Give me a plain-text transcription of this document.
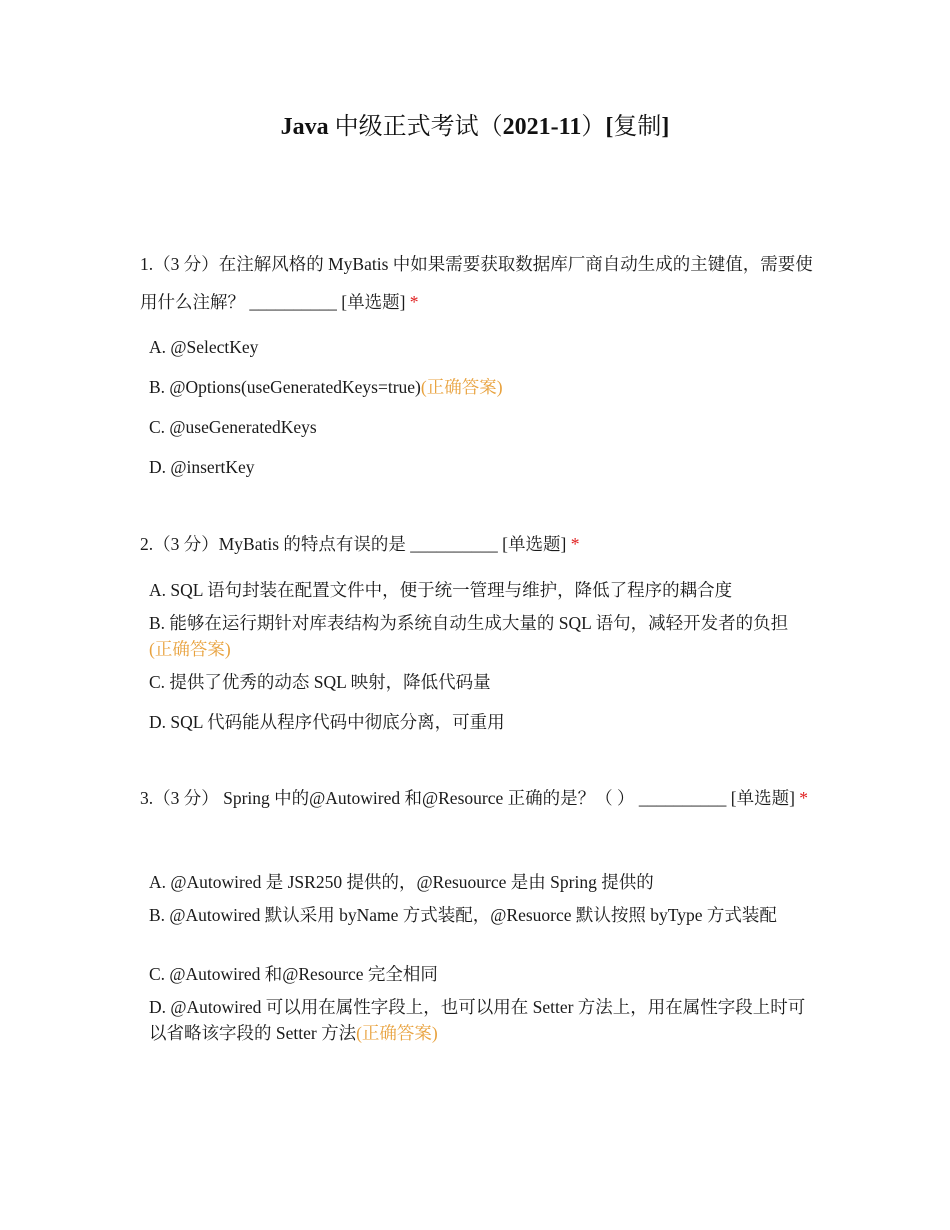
Java 中级正式考试（2021-11）[复制]

1.（3 分）在注解风格的 MyBatis 中如果需要获取数据库厂商自动生成的主键值，需要使用什么注解？ __________ [单选题] *

A. @SelectKey
B. @Options(useGeneratedKeys=true)(正确答案)
C. @useGeneratedKeys
D. @insertKey

2.（3 分）MyBatis 的特点有误的是 __________ [单选题] *

A. SQL 语句封装在配置文件中，便于统一管理与维护，降低了程序的耦合度
B. 能够在运行期针对库表结构为系统自动生成大量的 SQL 语句，减轻开发者的负担(正确答案)
C. 提供了优秀的动态 SQL 映射，降低代码量
D. SQL 代码能从程序代码中彻底分离，可重用

3.（3 分） Spring 中的@Autowired 和@Resource 正确的是？（ ） __________ [单选题] *

A. @Autowired 是 JSR250 提供的，@Resuource 是由 Spring 提供的
B. @Autowired 默认采用 byName 方式装配，@Resuorce 默认按照 byType 方式装配
C. @Autowired 和@Resource 完全相同
D. @Autowired 可以用在属性字段上，也可以用在 Setter 方法上，用在属性字段上时可以省略该字段的 Setter 方法(正确答案)
